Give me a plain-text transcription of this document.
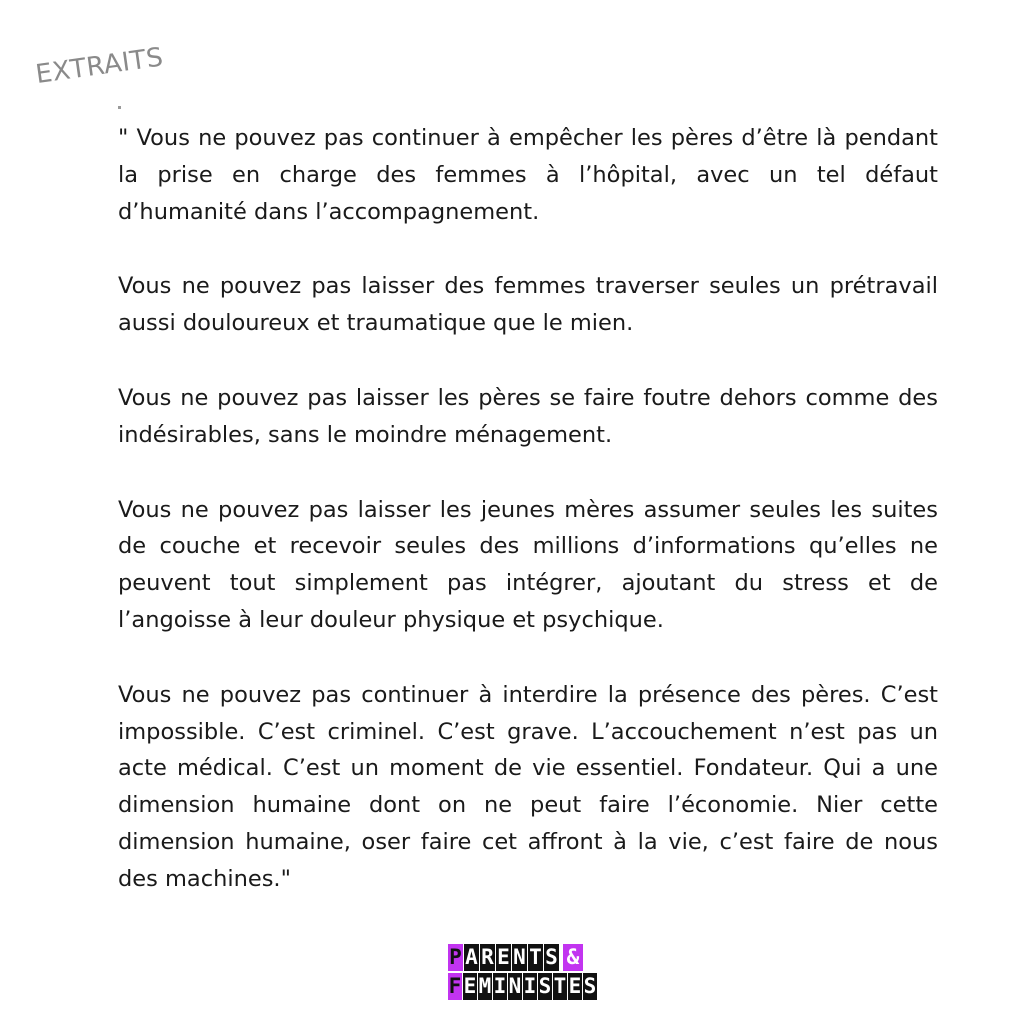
EXTRAITS

" Vous ne pouvez pas continuer à empêcher les pères d’être là pendant la prise en charge des femmes à l’hôpital, avec un tel défaut d’humanité dans l’accompagnement.

Vous ne pouvez pas laisser des femmes traverser seules un prétravail aussi douloureux et traumatique que le mien.

Vous ne pouvez pas laisser les pères se faire foutre dehors comme des indésirables, sans le moindre ménagement.

Vous ne pouvez pas laisser les jeunes mères assumer seules les suites de couche et recevoir seules des millions d’informations qu’elles ne peuvent tout simplement pas intégrer, ajoutant du stress et de l’angoisse à leur douleur physique et psychique.

Vous ne pouvez pas continuer à interdire la présence des pères. C’est impossible. C’est criminel. C’est grave. L’accouchement n’est pas un acte médical. C’est un moment de vie essentiel. Fondateur. Qui a une dimension humaine dont on ne peut faire l’économie. Nier cette dimension humaine, oser faire cet affront à la vie, c’est faire de nous des machines."

P A R E N T S &
F E M I N I S T E S
